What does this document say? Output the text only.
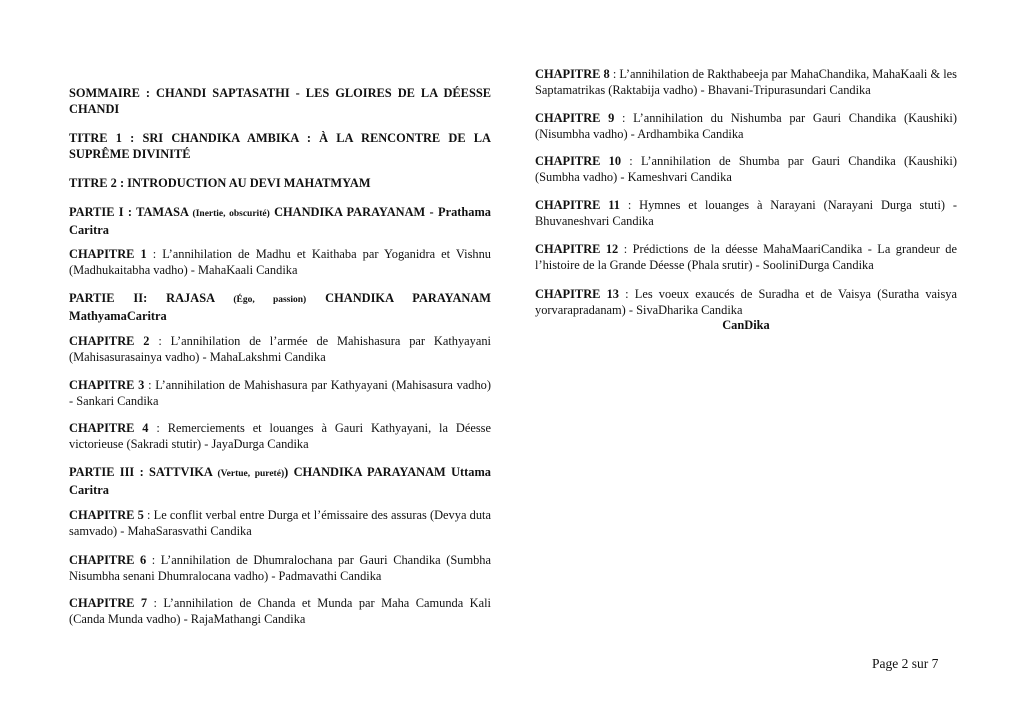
SOMMAIRE : CHANDI SAPTASATHI - LES GLOIRES DE LA DÉESSE CHANDI

TITRE 1 : SRI CHANDIKA AMBIKA : À LA RENCONTRE DE LA SUPRÊME DIVINITÉ

TITRE 2 : INTRODUCTION AU DEVI MAHATMYAM

PARTIE I : TAMASA (Inertie, obscurité) CHANDIKA PARAYANAM - Prathama Caritra

CHAPITRE 1 : L’annihilation de Madhu et Kaithaba par Yoganidra et Vishnu (Madhukaitabha vadho) - MahaKaali Candika

PARTIE II: RAJASA (Égo, passion) CHANDIKA PARAYANAM MathyamaCaritra

CHAPITRE 2 : L’annihilation de l’armée de Mahishasura par Kathyayani (Mahisasurasainya vadho) - MahaLakshmi Candika

CHAPITRE 3 : L’annihilation de Mahishasura par Kathyayani (Mahisasura vadho) - Sankari Candika

CHAPITRE 4 : Remerciements et louanges à Gauri Kathyayani, la Déesse victorieuse (Sakradi stutir) - JayaDurga Candika

PARTIE III : SATTVIKA (Vertue, pureté)) CHANDIKA PARAYANAM Uttama Caritra

CHAPITRE 5 : Le conflit verbal entre Durga et l’émissaire des assuras (Devya duta samvado) - MahaSarasvathi Candika

CHAPITRE 6 : L’annihilation de Dhumralochana par Gauri Chandika (Sumbha Nisumbha senani Dhumralocana vadho) - Padmavathi Candika

CHAPITRE 7 : L’annihilation de Chanda et Munda par Maha Camunda Kali (Canda Munda vadho) - RajaMathangi Candika

CHAPITRE 8 : L’annihilation de Rakthabeeja par MahaChandika, MahaKaali & les Saptamatrikas (Raktabija vadho) - Bhavani-Tripurasundari Candika

CHAPITRE 9 : L’annihilation du Nishumba par Gauri Chandika (Kaushiki) (Nisumbha vadho) - Ardhambika Candika

CHAPITRE 10 : L’annihilation de Shumba par Gauri Chandika (Kaushiki) (Sumbha vadho) - Kameshvari Candika

CHAPITRE 11 : Hymnes et louanges à Narayani (Narayani Durga stuti) - Bhuvaneshvari Candika

CHAPITRE 12 : Prédictions de la déesse MahaMaariCandika - La grandeur de l’histoire de la Grande Déesse (Phala srutir) - SooliniDurga Candika

CHAPITRE 13 : Les voeux exaucés de Suradha et de Vaisya (Suratha vaisya yorvarapradanam) - SivaDharika Candika

CanDika

Page 2 sur 7
